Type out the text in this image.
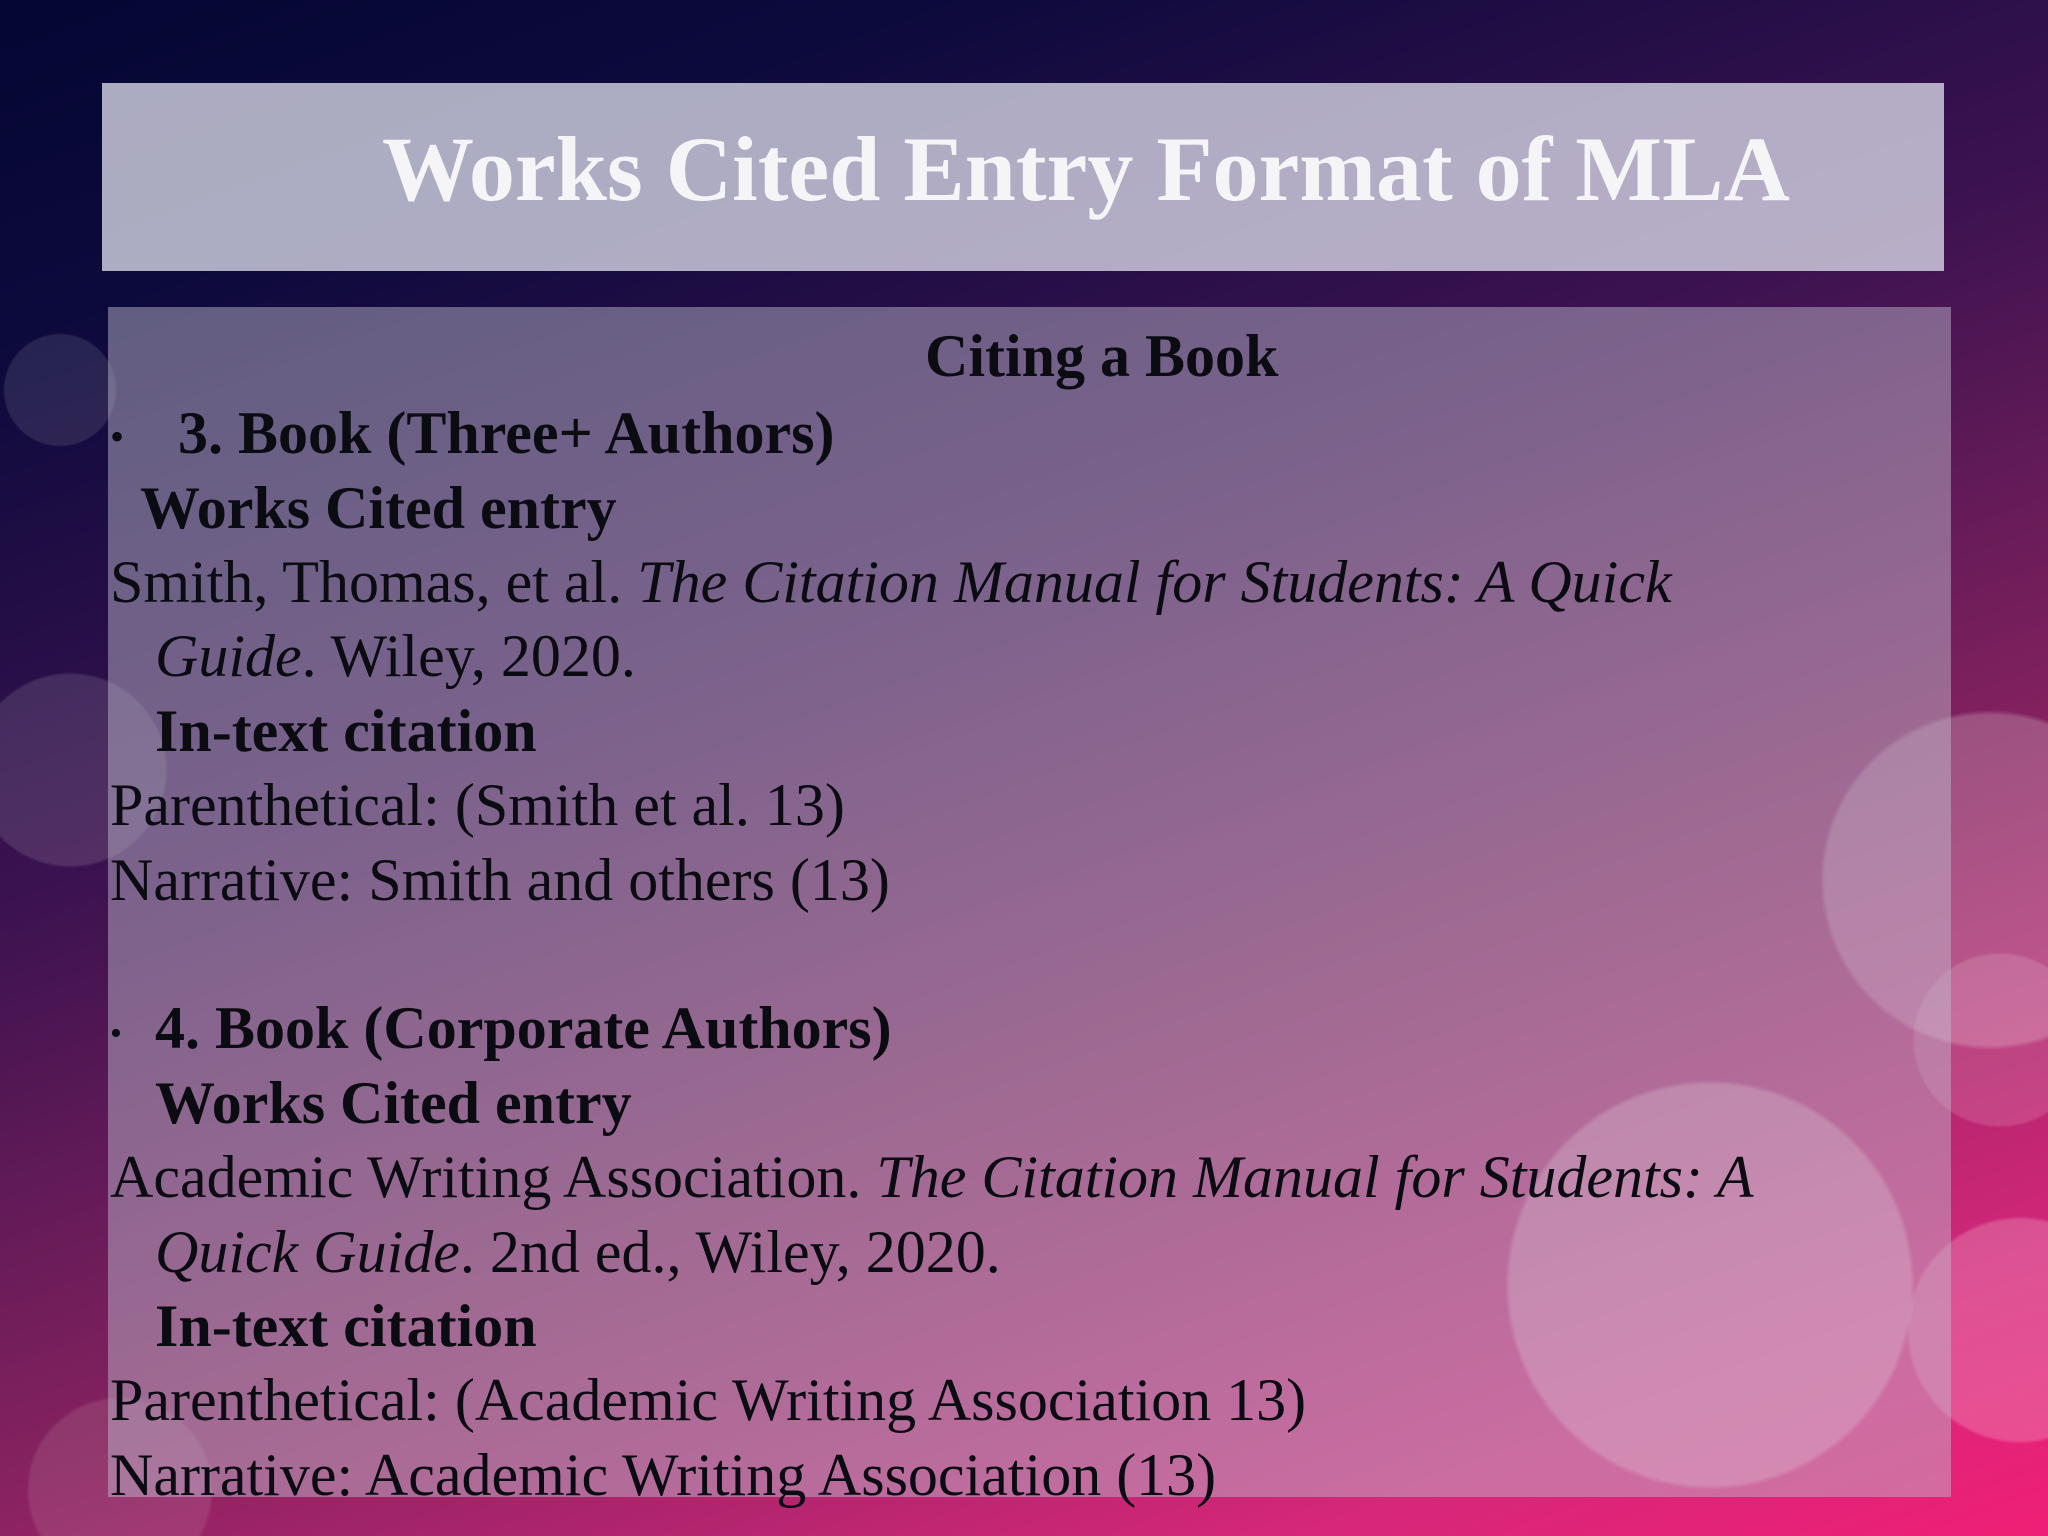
Works Cited Entry Format of MLA
Citing a Book
• 3. Book (Three+ Authors)
Works Cited entry
Smith, Thomas, et al. The Citation Manual for Students: A Quick
Guide. Wiley, 2020.
In-text citation
Parenthetical: (Smith et al. 13)
Narrative: Smith and others (13)
• 4. Book (Corporate Authors)
Works Cited entry
Academic Writing Association. The Citation Manual for Students: A
Quick Guide. 2nd ed., Wiley, 2020.
In-text citation
Parenthetical: (Academic Writing Association 13)
Narrative: Academic Writing Association (13)
